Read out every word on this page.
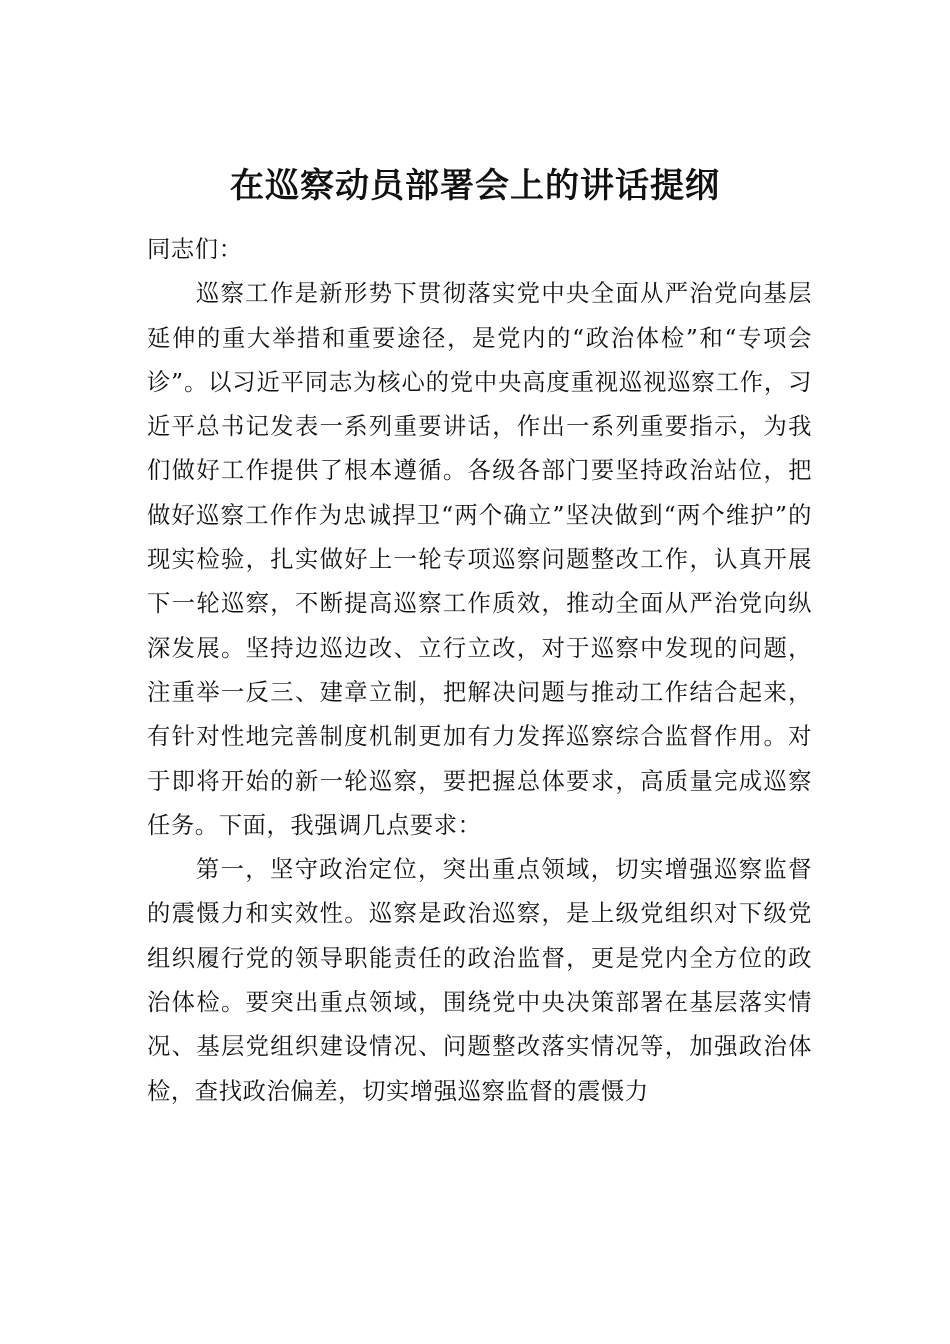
在巡察动员部署会上的讲话提纲

同志们：

巡察工作是新形势下贯彻落实党中央全面从严治党向基层延伸的重大举措和重要途径，是党内的“政治体检”和“专项会诊”。以习近平同志为核心的党中央高度重视巡视巡察工作，习近平总书记发表一系列重要讲话，作出一系列重要指示，为我们做好工作提供了根本遵循。各级各部门要坚持政治站位，把做好巡察工作作为忠诚捍卫“两个确立”坚决做到“两个维护”的现实检验，扎实做好上一轮专项巡察问题整改工作，认真开展下一轮巡察，不断提高巡察工作质效，推动全面从严治党向纵深发展。坚持边巡边改、立行立改，对于巡察中发现的问题，注重举一反三、建章立制，把解决问题与推动工作结合起来，有针对性地完善制度机制更加有力发挥巡察综合监督作用。对于即将开始的新一轮巡察，要把握总体要求，高质量完成巡察任务。下面，我强调几点要求：

第一，坚守政治定位，突出重点领域，切实增强巡察监督的震慑力和实效性。巡察是政治巡察，是上级党组织对下级党组织履行党的领导职能责任的政治监督，更是党内全方位的政治体检。要突出重点领域，围绕党中央决策部署在基层落实情况、基层党组织建设情况、问题整改落实情况等，加强政治体检，查找政治偏差，切实增强巡察监督的震慑力
